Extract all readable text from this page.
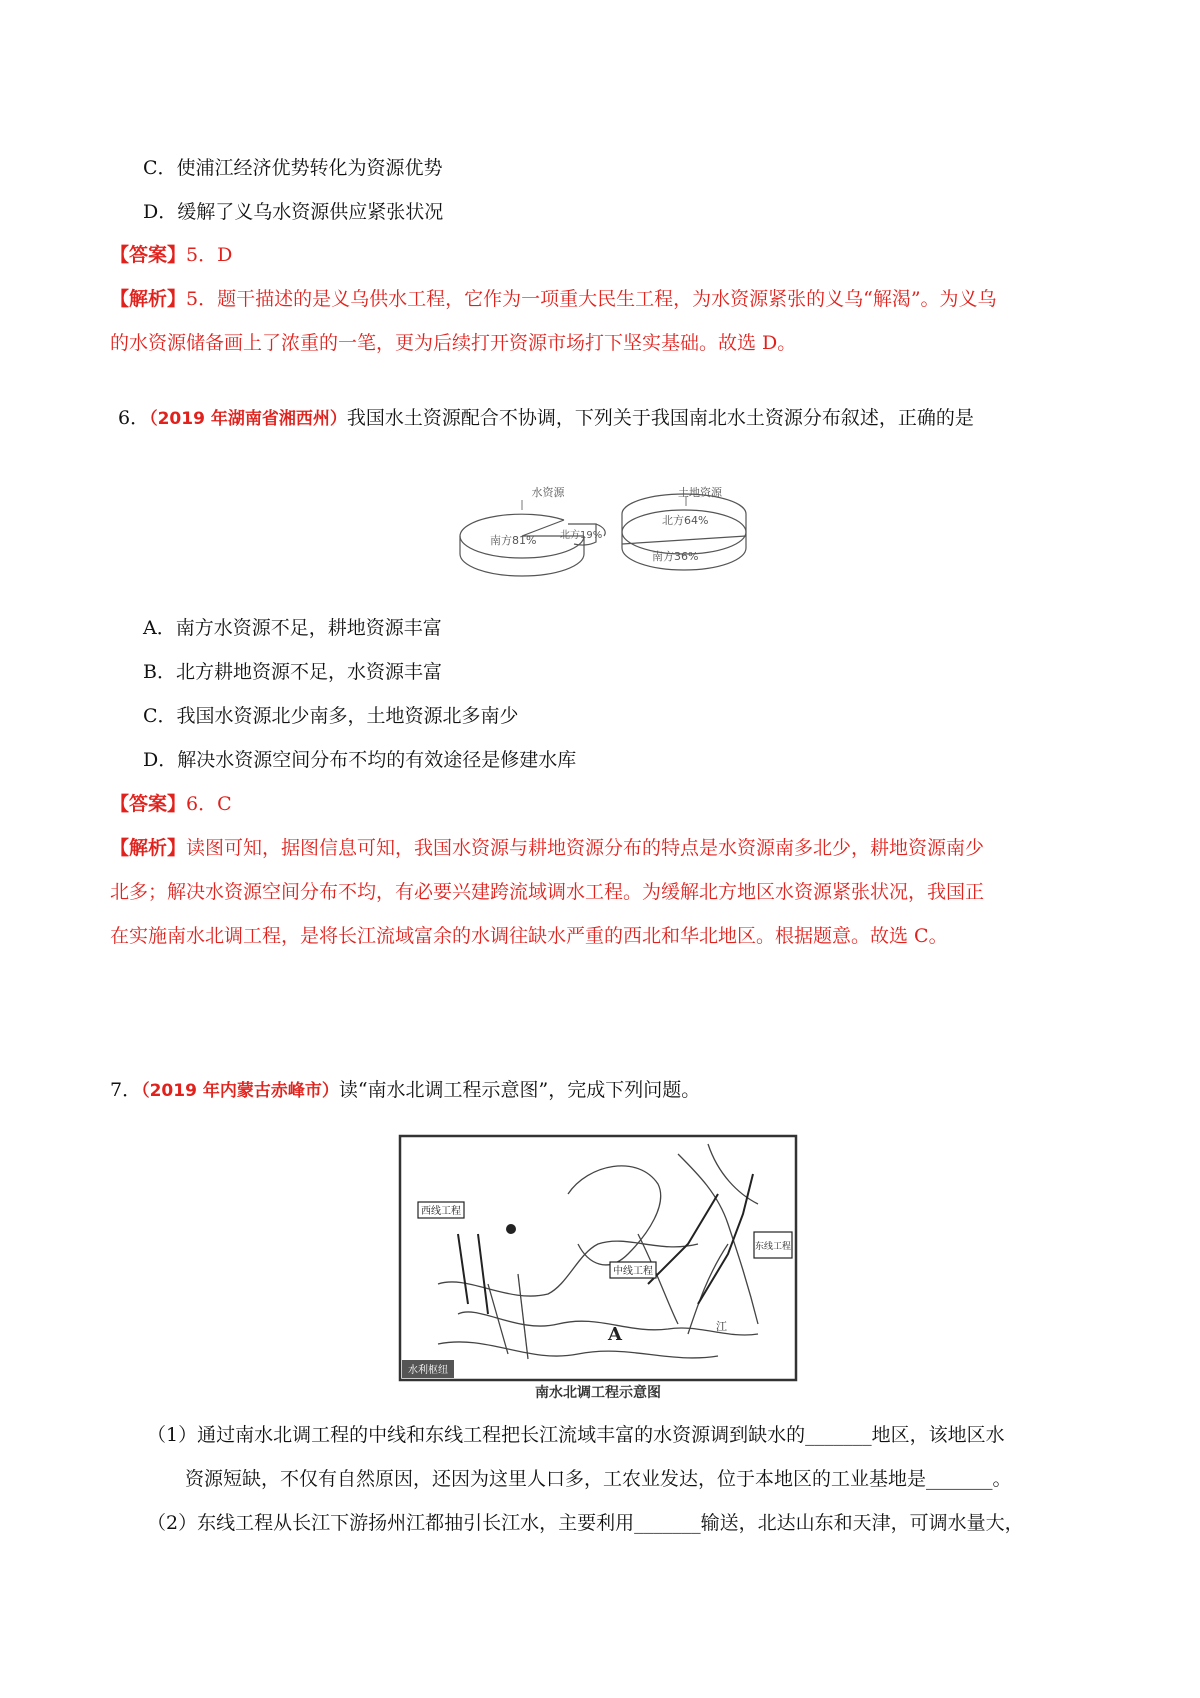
C．使浦江经济优势转化为资源优势
D．缓解了义乌水资源供应紧张状况
【答案】5．D
【解析】5．题干描述的是义乌供水工程，它作为一项重大民生工程，为水资源紧张的义乌“解渴”。为义乌
的水资源储备画上了浓重的一笔，更为后续打开资源市场打下坚实基础。故选 D。
6．（2019 年湖南省湘西州）我国水土资源配合不协调，下列关于我国南北水土资源分布叙述，正确的是
水资源
南方81% 北方19%
土地资源
北方64%
南方36%
A．南方水资源不足，耕地资源丰富
B．北方耕地资源不足，水资源丰富
C．我国水资源北少南多，土地资源北多南少
D．解决水资源空间分布不均的有效途径是修建水库
【答案】6．C
【解析】读图可知，据图信息可知，我国水资源与耕地资源分布的特点是水资源南多北少，耕地资源南少
北多；解决水资源空间分布不均，有必要兴建跨流域调水工程。为缓解北方地区水资源紧张状况，我国正
在实施南水北调工程，是将长江流域富余的水调往缺水严重的西北和华北地区。根据题意。故选 C。
7．（2019 年内蒙古赤峰市）读“南水北调工程示意图”，完成下列问题。
西线工程
中线工程
东线工程
A	江
水利枢纽
南水北调工程示意图
（1）通过南水北调工程的中线和东线工程把长江流域丰富的水资源调到缺水的_______地区，该地区水
资源短缺，不仅有自然原因，还因为这里人口多，工农业发达，位于本地区的工业基地是_______。
（2）东线工程从长江下游扬州江都抽引长江水，主要利用_______输送，北达山东和天津，可调水量大，
